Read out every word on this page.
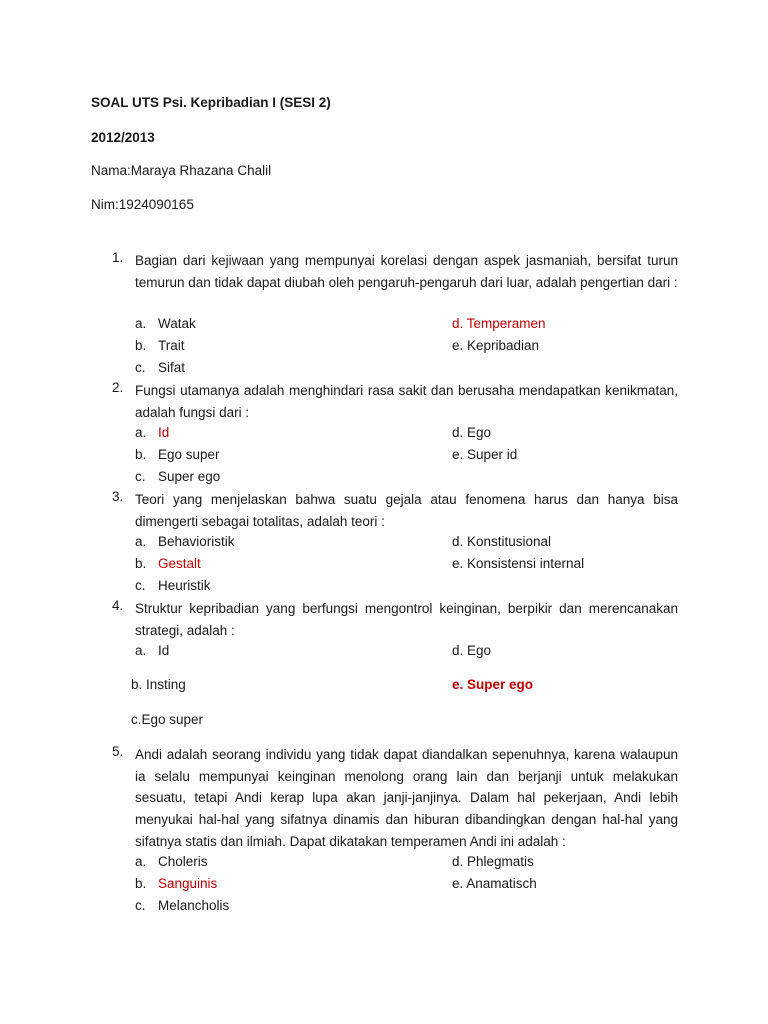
SOAL UTS Psi. Kepribadian I (SESI 2)
2012/2013
Nama:Maraya Rhazana Chalil
Nim:1924090165
1. Bagian dari kejiwaan yang mempunyai korelasi dengan aspek jasmaniah, bersifat turun temurun dan tidak dapat diubah oleh pengaruh-pengaruh dari luar, adalah pengertian dari :
a. Watak
b. Trait
c. Sifat
d. Temperamen
e. Kepribadian
2. Fungsi utamanya adalah menghindari rasa sakit dan berusaha mendapatkan kenikmatan, adalah fungsi dari :
a. Id
b. Ego super
c. Super ego
d. Ego
e. Super id
3. Teori yang menjelaskan bahwa suatu gejala atau fenomena harus dan hanya bisa dimengerti sebagai totalitas, adalah teori :
a. Behavioristik
b. Gestalt
c. Heuristik
d. Konstitusional
e. Konsistensi internal
4. Struktur kepribadian yang berfungsi mengontrol keinginan, berpikir dan merencanakan strategi, adalah :
a. Id
b. Insting
c.Ego super
d. Ego
e. Super ego
5. Andi adalah seorang individu yang tidak dapat diandalkan sepenuhnya, karena walaupun ia selalu mempunyai keinginan menolong orang lain dan berjanji untuk melakukan sesuatu, tetapi Andi kerap lupa akan janji-janjinya. Dalam hal pekerjaan, Andi lebih menyukai hal-hal yang sifatnya dinamis dan hiburan dibandingkan dengan hal-hal yang sifatnya statis dan ilmiah. Dapat dikatakan temperamen Andi ini adalah :
a. Choleris
b. Sanguinis
c. Melancholis
d. Phlegmatis
e. Anamatisch
